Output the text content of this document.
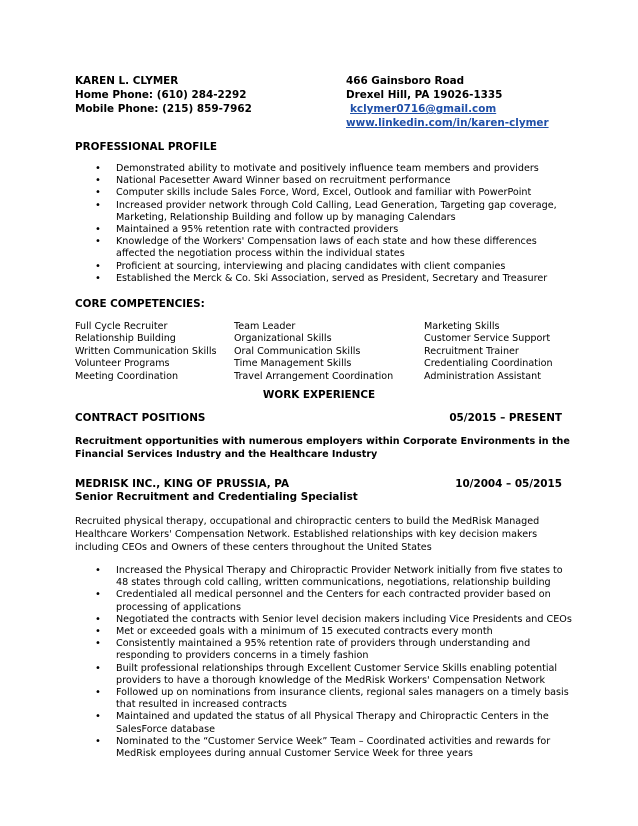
KAREN L. CLYMER
Home Phone: (610) 284-2292
Mobile Phone: (215) 859-7962
466 Gainsboro Road
Drexel Hill, PA 19026-1335
kclymer0716@gmail.com
www.linkedin.com/in/karen-clymer
PROFESSIONAL PROFILE
• Demonstrated ability to motivate and positively influence team members and providers
• National Pacesetter Award Winner based on recruitment performance
• Computer skills include Sales Force, Word, Excel, Outlook and familiar with PowerPoint
• Increased provider network through Cold Calling, Lead Generation, Targeting gap coverage,
Marketing, Relationship Building and follow up by managing Calendars
• Maintained a 95% retention rate with contracted providers
• Knowledge of the Workers' Compensation laws of each state and how these differences
affected the negotiation process within the individual states
• Proficient at sourcing, interviewing and placing candidates with client companies
• Established the Merck & Co. Ski Association, served as President, Secretary and Treasurer
CORE COMPETENCIES:
Full Cycle Recruiter
Relationship Building
Written Communication Skills
Volunteer Programs
Meeting Coordination
Team Leader
Organizational Skills
Oral Communication Skills
Time Management Skills
Travel Arrangement Coordination
Marketing Skills
Customer Service Support
Recruitment Trainer
Credentialing Coordination
Administration Assistant
WORK EXPERIENCE
CONTRACT POSITIONS	05/2015 – PRESENT
Recruitment opportunities with numerous employers within Corporate Environments in the
Financial Services Industry and the Healthcare Industry
MEDRISK INC., KING OF PRUSSIA, PA	10/2004 – 05/2015
Senior Recruitment and Credentialing Specialist
Recruited physical therapy, occupational and chiropractic centers to build the MedRisk Managed
Healthcare Workers' Compensation Network. Established relationships with key decision makers
including CEOs and Owners of these centers throughout the United States
• Increased the Physical Therapy and Chiropractic Provider Network initially from five states to
48 states through cold calling, written communications, negotiations, relationship building
• Credentialed all medical personnel and the Centers for each contracted provider based on
processing of applications
• Negotiated the contracts with Senior level decision makers including Vice Presidents and CEOs
• Met or exceeded goals with a minimum of 15 executed contracts every month
• Consistently maintained a 95% retention rate of providers through understanding and
responding to providers concerns in a timely fashion
• Built professional relationships through Excellent Customer Service Skills enabling potential
providers to have a thorough knowledge of the MedRisk Workers' Compensation Network
• Followed up on nominations from insurance clients, regional sales managers on a timely basis
that resulted in increased contracts
• Maintained and updated the status of all Physical Therapy and Chiropractic Centers in the
SalesForce database
• Nominated to the “Customer Service Week” Team – Coordinated activities and rewards for
MedRisk employees during annual Customer Service Week for three years
